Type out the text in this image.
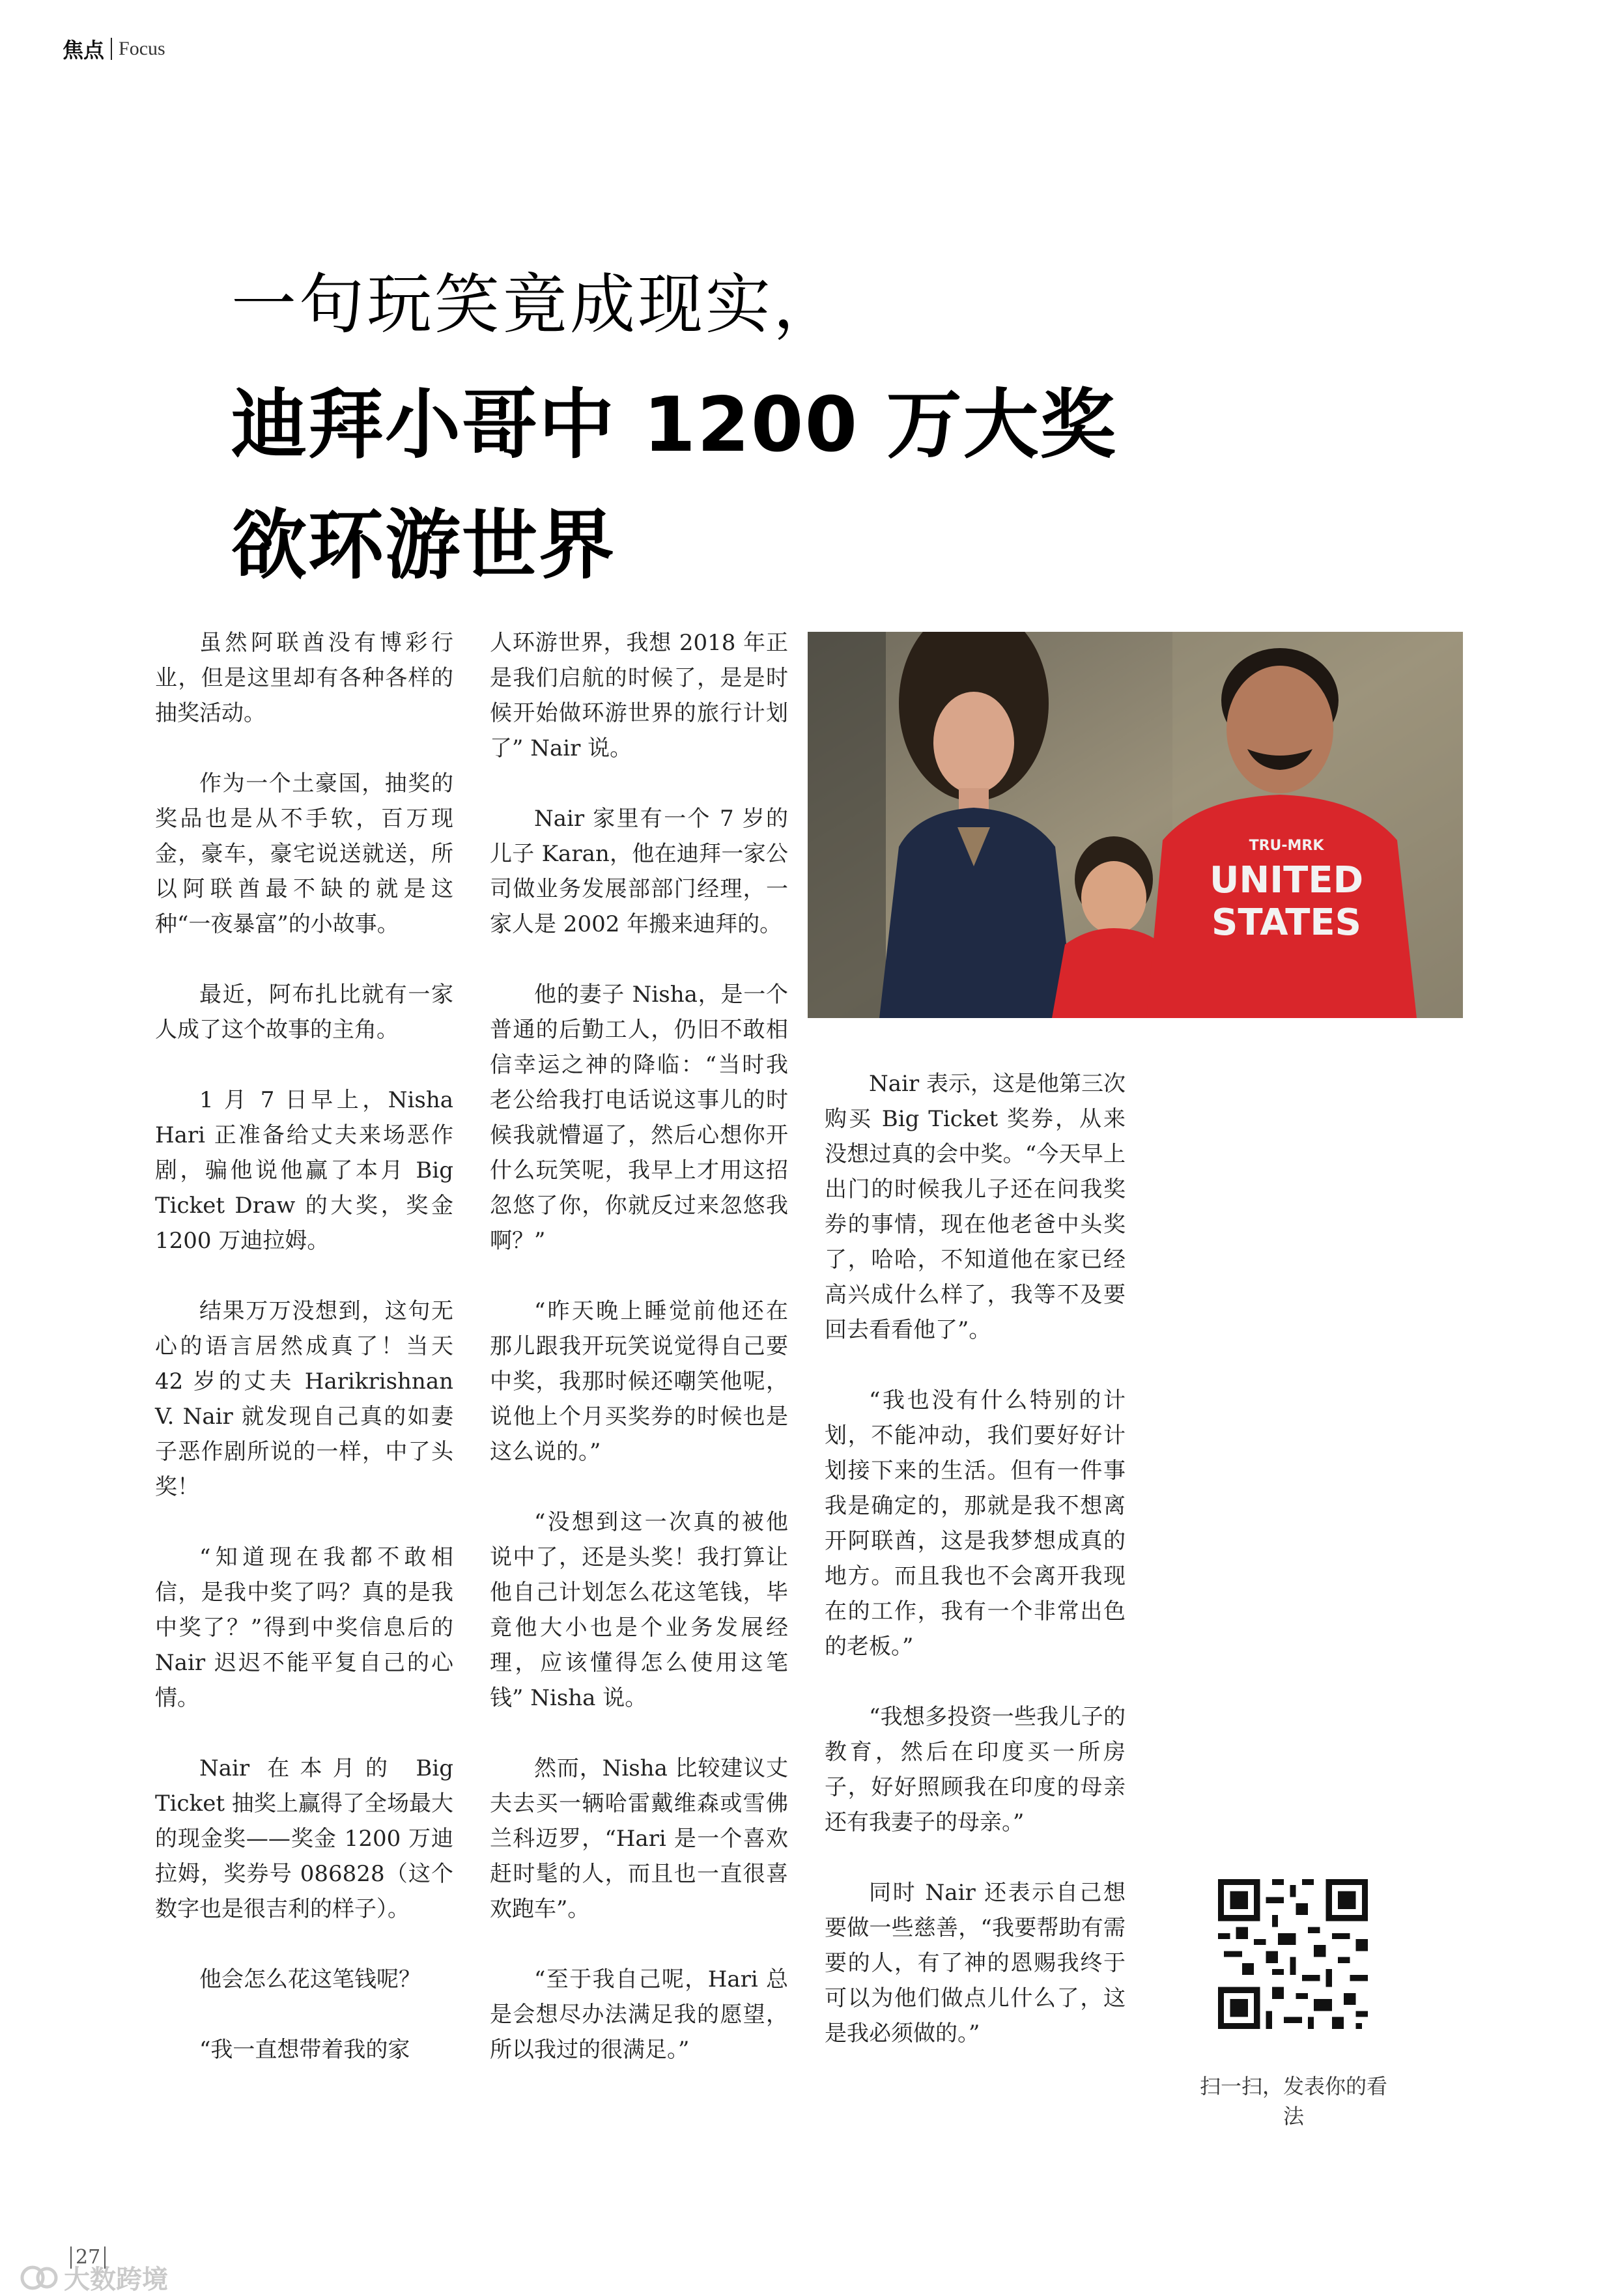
焦点 Focus
一句玩笑竟成现实，
迪拜小哥中 1200 万大奖
欲环游世界

虽然阿联酋没有博彩行业，但是这里却有各种各样的抽奖活动。

作为一个土豪国，抽奖的奖品也是从不手软，百万现金，豪车，豪宅说送就送，所以阿联酋最不缺的就是这种“一夜暴富”的小故事。

最近，阿布扎比就有一家人成了这个故事的主角。

1 月 7 日早上，Nisha Hari 正准备给丈夫来场恶作剧，骗他说他赢了本月 Big Ticket Draw 的大奖，奖金 1200 万迪拉姆。

结果万万没想到，这句无心的语言居然成真了！当天 42 岁的丈夫 Harikrishnan V. Nair 就发现自己真的如妻子恶作剧所说的一样，中了头奖！

“知道现在我都不敢相信，是我中奖了吗？真的是我中奖了？”得到中奖信息后的 Nair 迟迟不能平复自己的心情。

Nair 在本月的 Big Ticket 抽奖上赢得了全场最大的现金奖——奖金 1200 万迪拉姆，奖券号 086828（这个数字也是很吉利的样子）。

他会怎么花这笔钱呢？

“我一直想带着我的家

人环游世界，我想 2018 年正是我们启航的时候了，是是时候开始做环游世界的旅行计划了” Nair 说。

Nair 家里有一个 7 岁的儿子 Karan，他在迪拜一家公司做业务发展部部门经理，一家人是 2002 年搬来迪拜的。

他的妻子 Nisha，是一个普通的后勤工人，仍旧不敢相信幸运之神的降临：“当时我老公给我打电话说这事儿的时候我就懵逼了，然后心想你开什么玩笑呢，我早上才用这招忽悠了你，你就反过来忽悠我啊？”

“昨天晚上睡觉前他还在那儿跟我开玩笑说觉得自己要中奖，我那时候还嘲笑他呢，说他上个月买奖券的时候也是这么说的。”

“没想到这一次真的被他说中了，还是头奖！我打算让他自己计划怎么花这笔钱，毕竟他大小也是个业务发展经理，应该懂得怎么使用这笔钱” Nisha 说。

然而，Nisha 比较建议丈夫去买一辆哈雷戴维森或雪佛兰科迈罗，“Hari 是一个喜欢赶时髦的人，而且也一直很喜欢跑车”。

“至于我自己呢，Hari 总是会想尽办法满足我的愿望，所以我过的很满足。”

TRU-MRK
UNITED
STATES

Nair 表示，这是他第三次购买 Big Ticket 奖券，从来没想过真的会中奖。“今天早上出门的时候我儿子还在问我奖券的事情，现在他老爸中头奖了，哈哈，不知道他在家已经高兴成什么样了，我等不及要回去看看他了”。

“我也没有什么特别的计划，不能冲动，我们要好好计划接下来的生活。但有一件事我是确定的，那就是我不想离开阿联酋，这是我梦想成真的地方。而且我也不会离开我现在的工作，我有一个非常出色的老板。”

“我想多投资一些我儿子的教育，然后在印度买一所房子，好好照顾我在印度的母亲还有我妻子的母亲。”

同时 Nair 还表示自己想要做一些慈善，“我要帮助有需要的人，有了神的恩赐我终于可以为他们做点儿什么了，这是我必须做的。”

扫一扫，发表你的看法
27
大数跨境
